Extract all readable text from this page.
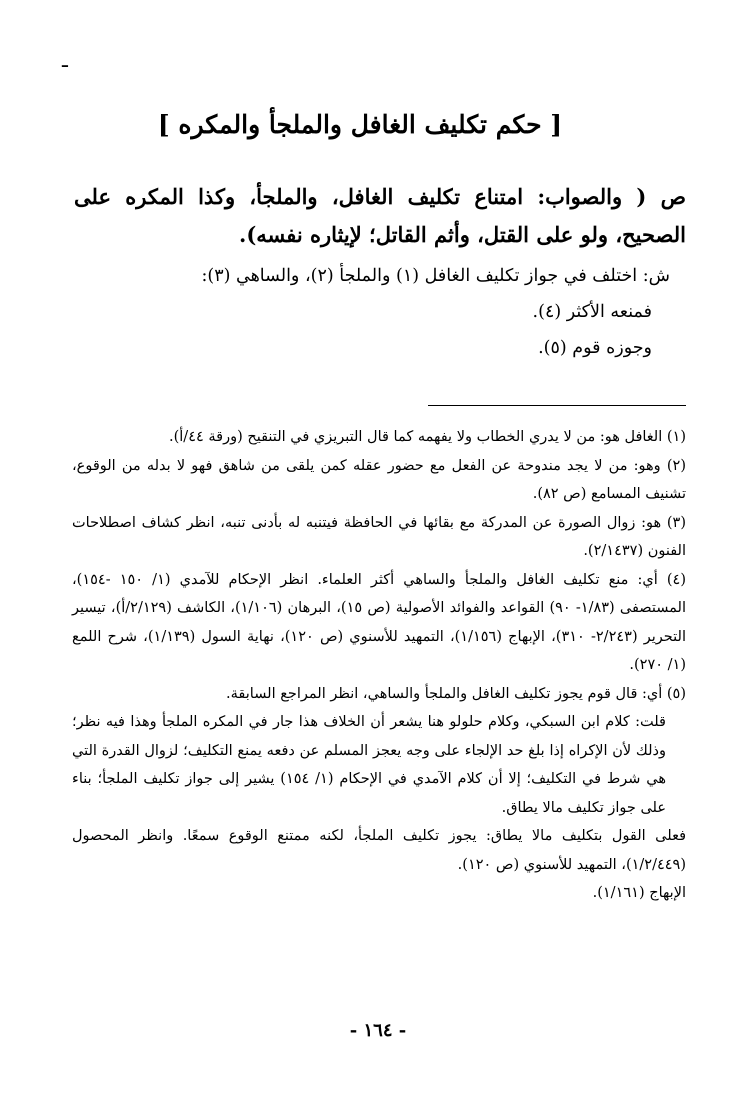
ـ
[ حكم تكليف الغافل والملجأ والمكره ]
ص ( والصواب: امتناع تكليف الغافل، والملجأ، وكذا المكره على الصحيح، ولو على القتل، وأثم القاتل؛ لإيثاره نفسه).

ش: اختلف في جواز تكليف الغافل (١) والملجأ (٢)، والساهي (٣):

فمنعه الأكثر (٤).

وجوزه قوم (٥).

(١) الغافل هو: من لا يدري الخطاب ولا يفهمه كما قال التبريزي في التنقيح (ورقة ٤٤/أ).

(٢) وهو: من لا يجد مندوحة عن الفعل مع حضور عقله كمن يلقى من شاهق فهو لا بدله من الوقوع، تشنيف المسامع (ص ٨٢).

(٣) هو: زوال الصورة عن المدركة مع بقائها في الحافظة فيتنبه له بأدنى تنبه، انظر كشاف اصطلاحات الفنون (٢/١٤٣٧).

(٤) أي: منع تكليف الغافل والملجأ والساهي أكثر العلماء. انظر الإحكام للآمدي (١/ ١٥٠ -١٥٤)، المستصفى (١/٨٣- ٩٠) القواعد والفوائد الأصولية (ص ١٥)، البرهان (١/١٠٦)، الكاشف (٢/١٢٩/أ)، تيسير التحرير (٢/٢٤٣- ٣١٠)، الإبهاج (١/١٥٦)، التمهيد للأسنوي (ص ١٢٠)، نهاية السول (١/١٣٩)، شرح اللمع (١/ ٢٧٠).

(٥) أي: قال قوم يجوز تكليف الغافل والملجأ والساهي، انظر المراجع السابقة.

قلت: كلام ابن السبكي، وكلام حلولو هنا يشعر أن الخلاف هذا جار في المكره الملجأ وهذا فيه نظر؛ وذلك لأن الإكراه إذا بلغ حد الإلجاء على وجه يعجز المسلم عن دفعه يمنع التكليف؛ لزوال القدرة التي هي شرط في التكليف؛ إلا أن كلام الآمدي في الإحكام (١/ ١٥٤) يشير إلى جواز تكليف الملجأ؛ بناء على جواز تكليف مالا يطاق.

فعلى القول بتكليف مالا يطاق: يجوز تكليف الملجأ، لكنه ممتنع الوقوع سمعًا. وانظر المحصول (١/٢/٤٤٩)، التمهيد للأسنوي (ص ١٢٠).

الإبهاج (١/١٦١).

- ١٦٤ -
